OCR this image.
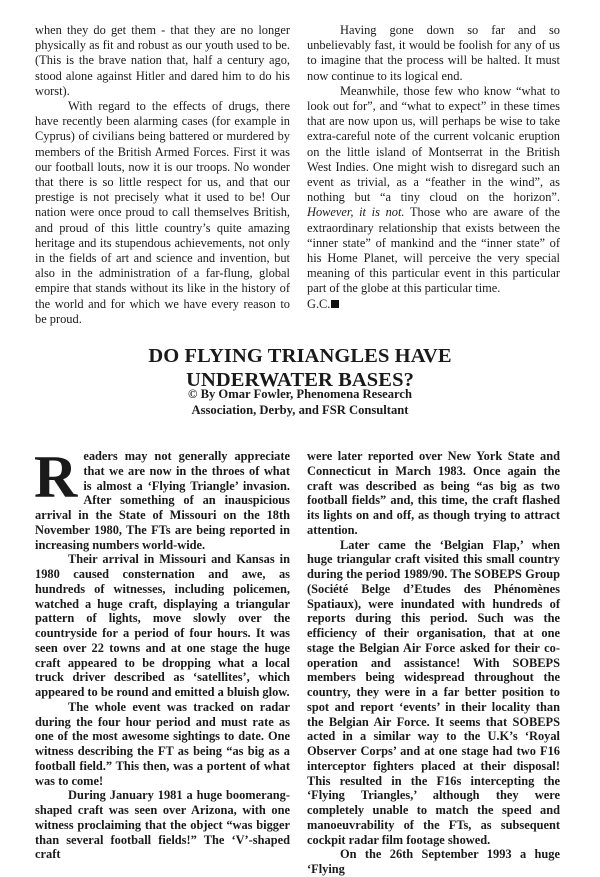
when they do get them - that they are no longer physically as fit and robust as our youth used to be. (This is the brave nation that, half a century ago, stood alone against Hitler and dared him to do his worst).

With regard to the effects of drugs, there have recently been alarming cases (for example in Cyprus) of civilians being battered or murdered by members of the British Armed Forces. First it was our football louts, now it is our troops. No wonder that there is so little respect for us, and that our prestige is not precisely what it used to be! Our nation were once proud to call themselves British, and proud of this little country’s quite amazing heritage and its stupendous achievements, not only in the fields of art and science and invention, but also in the administration of a far-flung, global empire that stands without its like in the history of the world and for which we have every reason to be proud.

Having gone down so far and so unbelievably fast, it would be foolish for any of us to imagine that the process will be halted. It must now continue to its logical end.

Meanwhile, those few who know “what to look out for”, and “what to expect” in these times that are now upon us, will perhaps be wise to take extra-careful note of the current volcanic eruption on the little island of Montserrat in the British West Indies. One might wish to disregard such an event as trivial, as a “feather in the wind”, as nothing but “a tiny cloud on the horizon”. However, it is not. Those who are aware of the extraordinary relationship that exists between the “inner state” of mankind and the “inner state” of his Home Planet, will perceive the very special meaning of this particular event in this particular part of the globe at this particular time.

G.C.

DO FLYING TRIANGLES HAVE
UNDERWATER BASES?
© By Omar Fowler, Phenomena Research
Association, Derby, and FSR Consultant

Readers may not generally appreciate that we are now in the throes of what is almost a ‘Flying Triangle’ invasion. After something of an inauspicious arrival in the State of Missouri on the 18th November 1980, The FTs are being reported in increasing numbers world-wide.

Their arrival in Missouri and Kansas in 1980 caused consternation and awe, as hundreds of witnesses, including policemen, watched a huge craft, displaying a triangular pattern of lights, move slowly over the countryside for a period of four hours. It was seen over 22 towns and at one stage the huge craft appeared to be dropping what a local truck driver described as ‘satellites’, which appeared to be round and emitted a bluish glow.

The whole event was tracked on radar during the four hour period and must rate as one of the most awesome sightings to date. One witness describing the FT as being “as big as a football field.” This then, was a portent of what was to come!

During January 1981 a huge boomerang-shaped craft was seen over Arizona, with one witness proclaiming that the object “was bigger than several football fields!” The ‘V’-shaped craft

were later reported over New York State and Connecticut in March 1983. Once again the craft was described as being “as big as two football fields” and, this time, the craft flashed its lights on and off, as though trying to attract attention.

Later came the ‘Belgian Flap,’ when huge triangular craft visited this small country during the period 1989/90. The SOBEPS Group (Société Belge d’Etudes des Phénomènes Spatiaux), were inundated with hundreds of reports during this period. Such was the efficiency of their organisation, that at one stage the Belgian Air Force asked for their co-operation and assistance! With SOBEPS members being widespread throughout the country, they were in a far better position to spot and report ‘events’ in their locality than the Belgian Air Force. It seems that SOBEPS acted in a similar way to the U.K’s ‘Royal Observer Corps’ and at one stage had two F16 interceptor fighters placed at their disposal! This resulted in the F16s intercepting the ‘Flying Triangles,’ although they were completely unable to match the speed and manoeuvrability of the FTs, as subsequent cockpit radar film footage showed.

On the 26th September 1993 a huge ‘Flying
